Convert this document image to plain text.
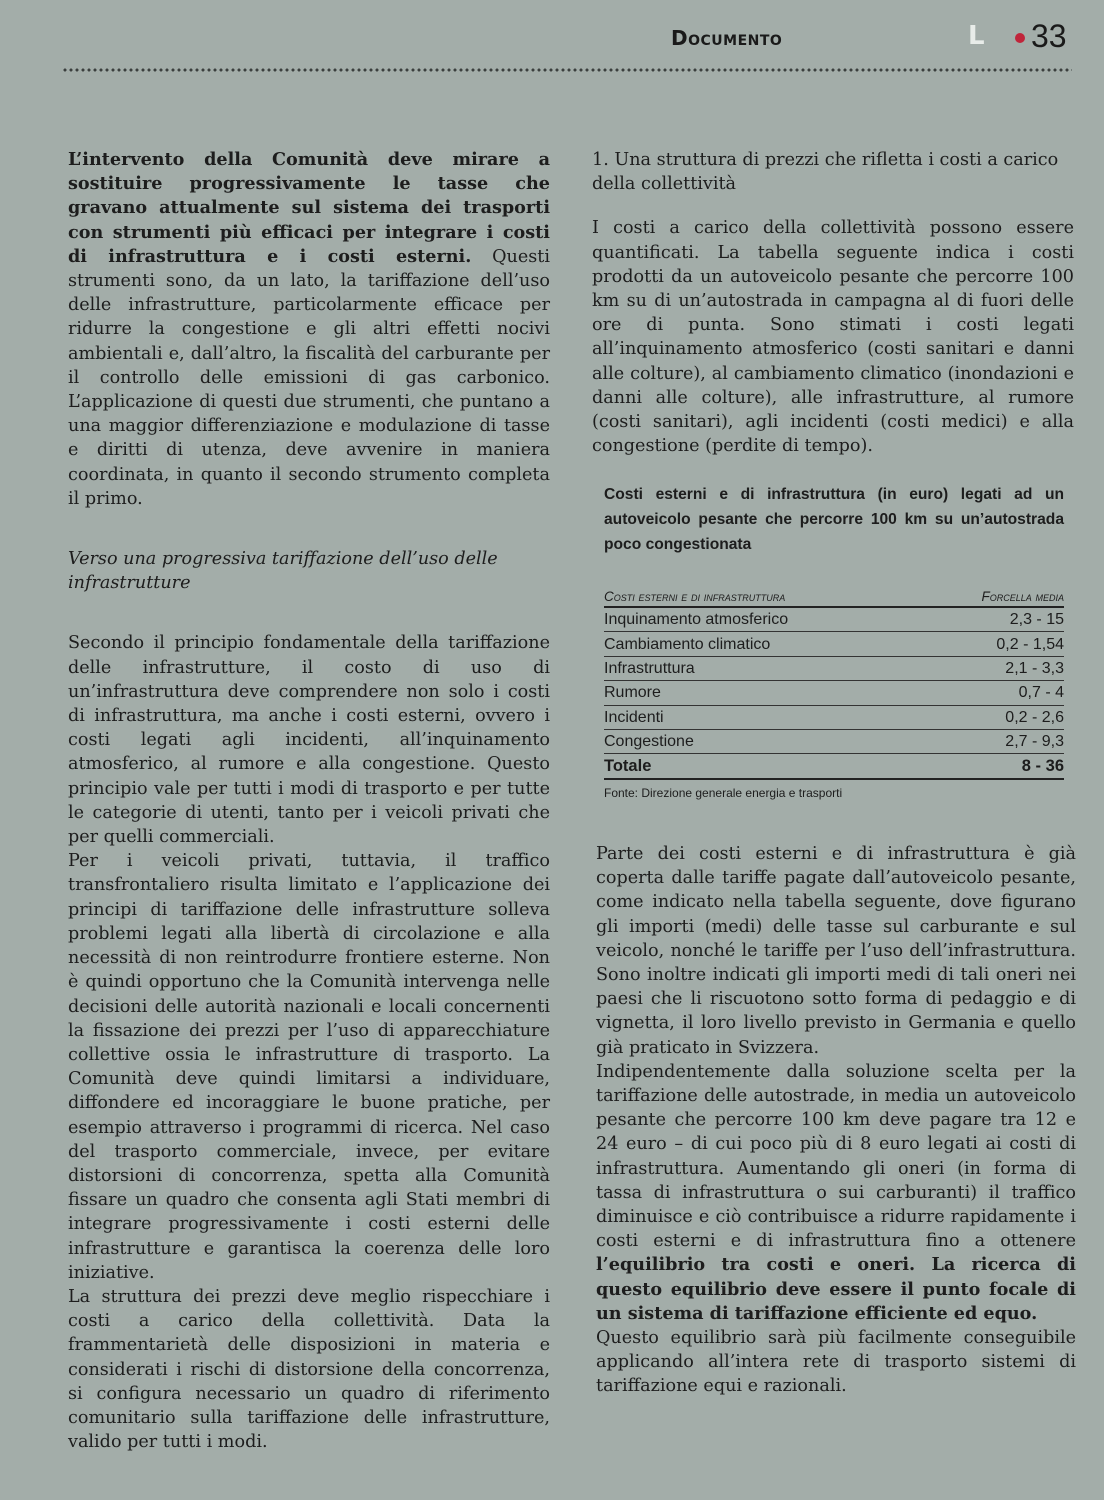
Documento	L	33

L’intervento della Comunità deve mirare a sostituire progressivamente le tasse che gravano attualmente sul sistema dei trasporti con strumenti più efficaci per integrare i costi di infrastruttura e i costi esterni. Questi strumenti sono, da un lato, la tariffazione dell’uso delle infrastrutture, particolarmente efficace per ridurre la congestione e gli altri effetti nocivi ambientali e, dall’altro, la fiscalità del carburante per il controllo delle emissioni di gas carbonico. L’applicazione di questi due strumenti, che puntano a una maggior differenziazione e modulazione di tasse e diritti di utenza, deve avvenire in maniera coordinata, in quanto il secondo strumento completa il primo.

Verso una progressiva tariffazione dell’uso delle infrastrutture

Secondo il principio fondamentale della tariffazione delle infrastrutture, il costo di uso di un’infrastruttura deve comprendere non solo i costi di infrastruttura, ma anche i costi esterni, ovvero i costi legati agli incidenti, all’inquinamento atmosferico, al rumore e alla congestione. Questo principio vale per tutti i modi di trasporto e per tutte le categorie di utenti, tanto per i veicoli privati che per quelli commerciali.

Per i veicoli privati, tuttavia, il traffico transfrontaliero risulta limitato e l’applicazione dei principi di tariffazione delle infrastrutture solleva problemi legati alla libertà di circolazione e alla necessità di non reintrodurre frontiere esterne. Non è quindi opportuno che la Comunità intervenga nelle decisioni delle autorità nazionali e locali concernenti la fissazione dei prezzi per l’uso di apparecchiature collettive ossia le infrastrutture di trasporto. La Comunità deve quindi limitarsi a individuare, diffondere ed incoraggiare le buone pratiche, per esempio attraverso i programmi di ricerca. Nel caso del trasporto commerciale, invece, per evitare distorsioni di concorrenza, spetta alla Comunità fissare un quadro che consenta agli Stati membri di integrare progressivamente i costi esterni delle infrastrutture e garantisca la coerenza delle loro iniziative.

La struttura dei prezzi deve meglio rispecchiare i costi a carico della collettività. Data la frammentarietà delle disposizioni in materia e considerati i rischi di distorsione della concorrenza, si configura necessario un quadro di riferimento comunitario sulla tariffazione delle infrastrutture, valido per tutti i modi.

1. Una struttura di prezzi che rifletta i costi a carico della collettività

I costi a carico della collettività possono essere quantificati. La tabella seguente indica i costi prodotti da un autoveicolo pesante che percorre 100 km su di un’autostrada in campagna al di fuori delle ore di punta. Sono stimati i costi legati all’inquinamento atmosferico (costi sanitari e danni alle colture), al cambiamento climatico (inondazioni e danni alle colture), alle infrastrutture, al rumore (costi sanitari), agli incidenti (costi medici) e alla congestione (perdite di tempo).

Costi esterni e di infrastruttura (in euro) legati ad un autoveicolo pesante che percorre 100 km su un’autostrada poco congestionata

Costi esterni e di infrastruttura	Forcella media
Inquinamento atmosferico	2,3 - 15
Cambiamento climatico	0,2 - 1,54
Infrastruttura	2,1 - 3,3
Rumore	0,7 - 4
Incidenti	0,2 - 2,6
Congestione	2,7 - 9,3
Totale	8 - 36
Fonte: Direzione generale energia e trasporti

Parte dei costi esterni e di infrastruttura è già coperta dalle tariffe pagate dall’autoveicolo pesante, come indicato nella tabella seguente, dove figurano gli importi (medi) delle tasse sul carburante e sul veicolo, nonché le tariffe per l’uso dell’infrastruttura. Sono inoltre indicati gli importi medi di tali oneri nei paesi che li riscuotono sotto forma di pedaggio e di vignetta, il loro livello previsto in Germania e quello già praticato in Svizzera.

Indipendentemente dalla soluzione scelta per la tariffazione delle autostrade, in media un autoveicolo pesante che percorre 100 km deve pagare tra 12 e 24 euro – di cui poco più di 8 euro legati ai costi di infrastruttura. Aumentando gli oneri (in forma di tassa di infrastruttura o sui carburanti) il traffico diminuisce e ciò contribuisce a ridurre rapidamente i costi esterni e di infrastruttura fino a ottenere l’equilibrio tra costi e oneri. La ricerca di questo equilibrio deve essere il punto focale di un sistema di tariffazione efficiente ed equo.

Questo equilibrio sarà più facilmente conseguibile applicando all’intera rete di trasporto sistemi di tariffazione equi e razionali.
